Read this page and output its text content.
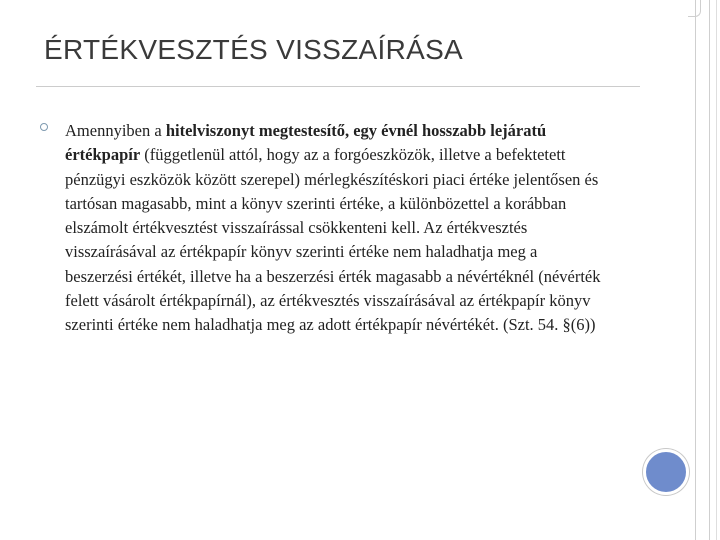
ÉRTÉKVESZTÉS VISSZAÍRÁSA
Amennyiben a hitelviszonyt megtestesítő, egy évnél hosszabb lejáratú értékpapír (függetlenül attól, hogy az a forgóeszközök, illetve a befektetett pénzügyi eszközök között szerepel) mérlegkészítéskori piaci értéke jelentősen és tartósan magasabb, mint a könyv szerinti értéke, a különbözettel a korábban elszámolt értékvesztést visszaírással csökkenteni kell. Az értékvesztés visszaírásával az értékpapír könyv szerinti értéke nem haladhatja meg a beszerzési értékét, illetve ha a beszerzési érték magasabb a névértéknél (névérték felett vásárolt értékpapírnál), az értékvesztés visszaírásával az értékpapír könyv szerinti értéke nem haladhatja meg az adott értékpapír névértékét. (Szt. 54. §(6))
